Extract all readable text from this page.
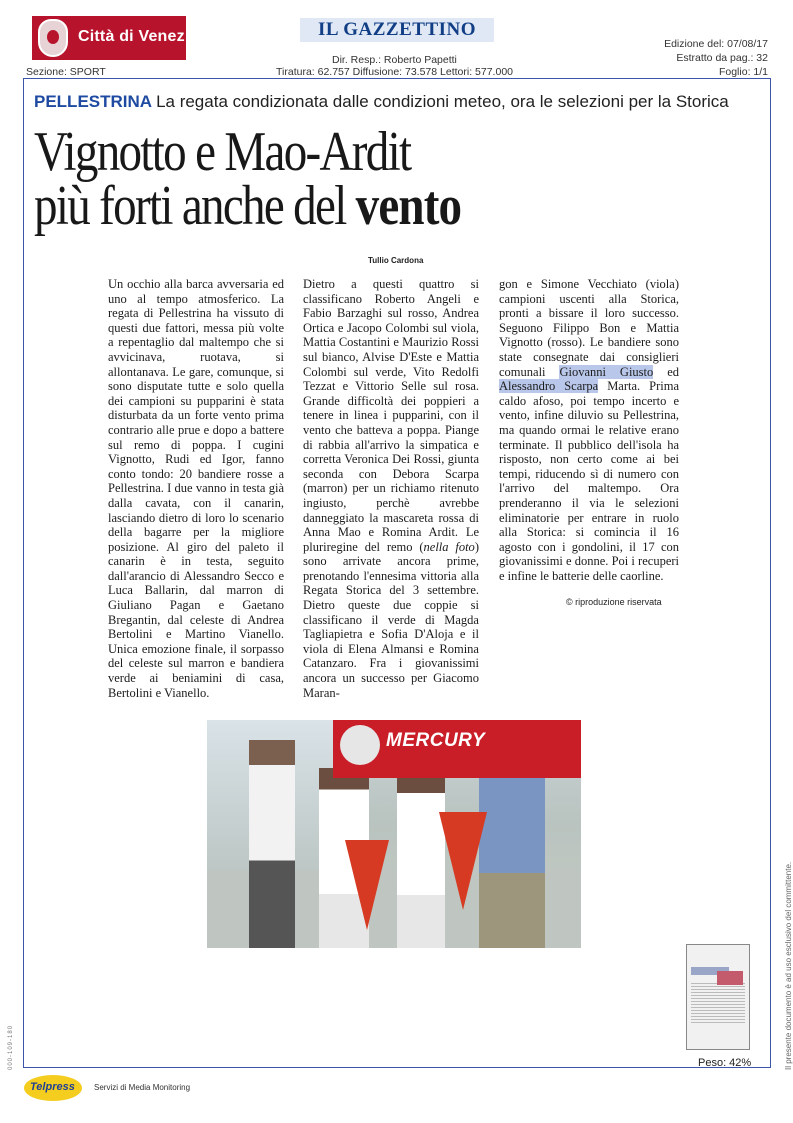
Città di Venezia	IL GAZZETTINO
Dir. Resp.: Roberto Papetti
Tiratura: 62.757 Diffusione: 73.578 Lettori: 577.000
Sezione: SPORT
Edizione del: 07/08/17
Estratto da pag.: 32
Foglio: 1/1
PELLESTRINA La regata condizionata dalle condizioni meteo, ora le selezioni per la Storica
Vignotto e Mao-Ardit
più forti anche del vento
Tullio Cardona
Un occhio alla barca avversaria ed uno al tempo atmosferico. La regata di Pellestrina ha vissuto di questi due fattori, messa più volte a repentaglio dal maltempo che si avvicinava, ruotava, si allontanava. Le gare, comunque, si sono disputate tutte e solo quella dei campioni su pupparini è stata disturbata da un forte vento prima contrario alle prue e dopo a battere sul remo di poppa. I cugini Vignotto, Rudi ed Igor, fanno conto tondo: 20 bandiere rosse a Pellestrina. I due vanno in testa già dalla cavata, con il canarin, lasciando dietro di loro lo scenario della bagarre per la migliore posizione. Al giro del paleto il canarin è in testa, seguito dall'arancio di Alessandro Secco e Luca Ballarin, dal marron di Giuliano Pagan e Gaetano Bregantin, dal celeste di Andrea Bertolini e Martino Vianello. Unica emozione finale, il sorpasso del celeste sul marron e bandiera verde ai beniamini di casa, Bertolini e Vianello.
Dietro a questi quattro si classificano Roberto Angeli e Fabio Barzaghi sul rosso, Andrea Ortica e Jacopo Colombi sul viola, Mattia Costantini e Maurizio Rossi sul bianco, Alvise D'Este e Mattia Colombi sul verde, Vito Redolfi Tezzat e Vittorio Selle sul rosa. Grande difficoltà dei poppieri a tenere in linea i pupparini, con il vento che batteva a poppa. Piange di rabbia all'arrivo la simpatica e corretta Veronica Dei Rossi, giunta seconda con Debora Scarpa (marron) per un richiamo ritenuto ingiusto, perchè avrebbe danneggiato la mascareta rossa di Anna Mao e Romina Ardit. Le pluriregine del remo (nella foto) sono arrivate ancora prime, prenotando l'ennesima vittoria alla Regata Storica del 3 settembre. Dietro queste due coppie si classificano il verde di Magda Tagliapietra e Sofia D'Aloja e il viola di Elena Almansi e Romina Catanzaro. Fra i giovanissimi ancora un successo per Giacomo Maran-
gon e Simone Vecchiato (viola) campioni uscenti alla Storica, pronti a bissare il loro successo. Seguono Filippo Bon e Mattia Vignotto (rosso). Le bandiere sono state consegnate dai consiglieri comunali Giovanni Giusto ed Alessandro Scarpa Marta. Prima caldo afoso, poi tempo incerto e vento, infine diluvio su Pellestrina, ma quando ormai le relative erano terminate. Il pubblico dell'isola ha risposto, non certo come ai bei tempi, riducendo sì di numero con l'arrivo del maltempo. Ora prenderanno il via le selezioni eliminatorie per entrare in ruolo alla Storica: si comincia il 16 agosto con i gondolini, il 17 con giovanissimi e donne. Poi i recuperi e infine le batterie delle caorline.
© riproduzione riservata
MERCURY
Peso: 42%	Il presente documento è ad uso esclusivo del committente.
000-109-180
Telpress Servizi di Media Monitoring
